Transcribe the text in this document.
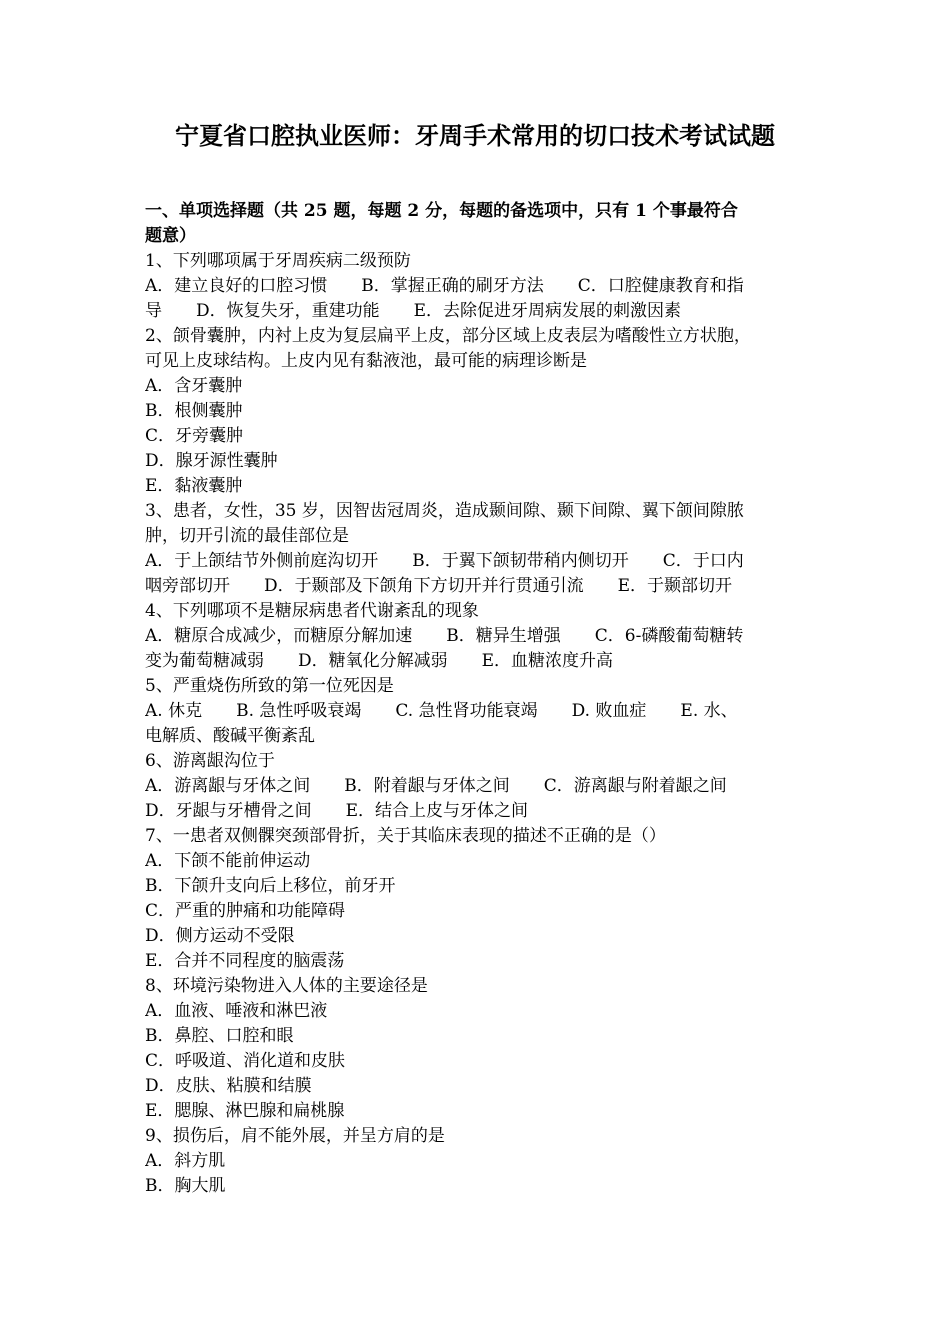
宁夏省口腔执业医师：牙周手术常用的切口技术考试试题
一、单项选择题（共 25 题，每题 2 分，每题的备选项中，只有 1 个事最符合
题意）
1、下列哪项属于牙周疾病二级预防
A．建立良好的口腔习惯　　B．掌握正确的刷牙方法　　C．口腔健康教育和指
导　　D．恢复失牙，重建功能　　E．去除促进牙周病发展的刺激因素
2、颌骨囊肿，内衬上皮为复层扁平上皮，部分区域上皮表层为嗜酸性立方状胞，
可见上皮球结构。上皮内见有黏液池，最可能的病理诊断是
A．含牙囊肿
B．根侧囊肿
C．牙旁囊肿
D．腺牙源性囊肿
E．黏液囊肿
3、患者，女性，35 岁，因智齿冠周炎，造成颞间隙、颞下间隙、翼下颌间隙脓
肿，切开引流的最佳部位是
A．于上颌结节外侧前庭沟切开　　B．于翼下颌韧带稍内侧切开　　C．于口内
咽旁部切开　　D．于颞部及下颌角下方切开并行贯通引流　　E．于颞部切开
4、下列哪项不是糖尿病患者代谢紊乱的现象
A．糖原合成减少，而糖原分解加速　　B．糖异生增强　　C．6-磷酸葡萄糖转
变为葡萄糖减弱　　D．糖氧化分解减弱　　E．血糖浓度升高
5、严重烧伤所致的第一位死因是
A. 休克　　B. 急性呼吸衰竭　　C. 急性肾功能衰竭　　D. 败血症　　E. 水、
电解质、酸碱平衡紊乱
6、游离龈沟位于
A．游离龈与牙体之间　　B．附着龈与牙体之间　　C．游离龈与附着龈之间
D．牙龈与牙槽骨之间　　E．结合上皮与牙体之间
7、一患者双侧髁突颈部骨折，关于其临床表现的描述不正确的是（）
A．下颌不能前伸运动
B．下颌升支向后上移位，前牙开
C．严重的肿痛和功能障碍
D．侧方运动不受限
E．合并不同程度的脑震荡
8、环境污染物进入人体的主要途径是
A．血液、唾液和淋巴液
B．鼻腔、口腔和眼
C．呼吸道、消化道和皮肤
D．皮肤、粘膜和结膜
E．腮腺、淋巴腺和扁桃腺
9、损伤后，肩不能外展，并呈方肩的是
A．斜方肌
B．胸大肌
